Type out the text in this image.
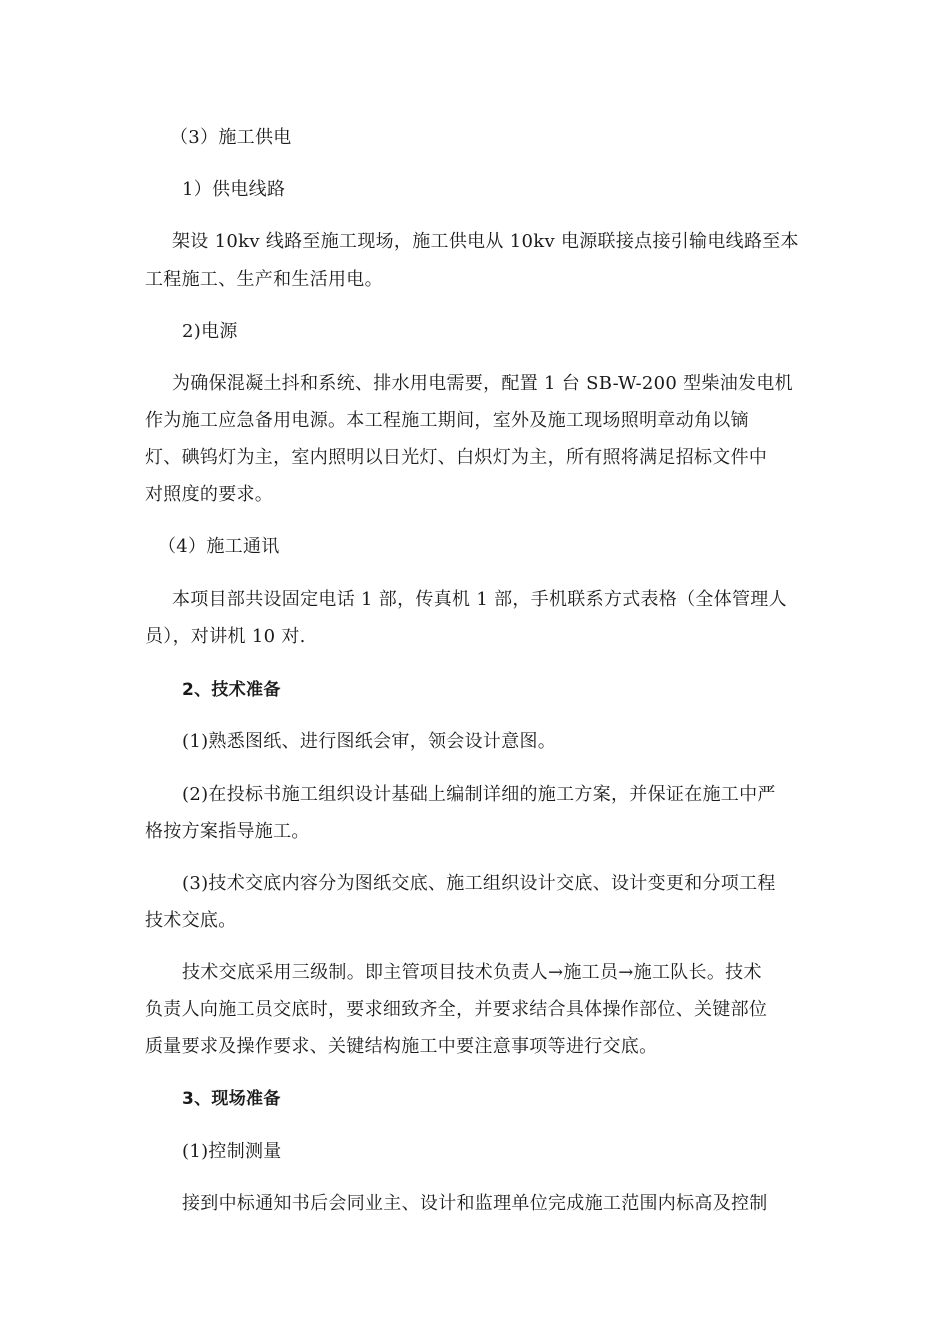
（3）施工供电
1）供电线路
架设 10kv 线路至施工现场，施工供电从 10kv 电源联接点接引输电线路至本
工程施工、生产和生活用电。
2)电源
为确保混凝土抖和系统、排水用电需要，配置 1 台 SB-W-200 型柴油发电机
作为施工应急备用电源。本工程施工期间，室外及施工现场照明章动角以镝
灯、碘钨灯为主，室内照明以日光灯、白炽灯为主，所有照将满足招标文件中
对照度的要求。
（4）施工通讯
本项目部共设固定电话 1 部，传真机 1 部，手机联系方式表格（全体管理人
员），对讲机 10 对.
2、技术准备
(1)熟悉图纸、进行图纸会审，领会设计意图。
(2)在投标书施工组织设计基础上编制详细的施工方案，并保证在施工中严
格按方案指导施工。
(3)技术交底内容分为图纸交底、施工组织设计交底、设计变更和分项工程
技术交底。
技术交底采用三级制。即主管项目技术负责人→施工员→施工队长。技术
负责人向施工员交底时，要求细致齐全，并要求结合具体操作部位、关键部位
质量要求及操作要求、关键结构施工中要注意事项等进行交底。
3、现场准备
(1)控制测量
接到中标通知书后会同业主、设计和监理单位完成施工范围内标高及控制
